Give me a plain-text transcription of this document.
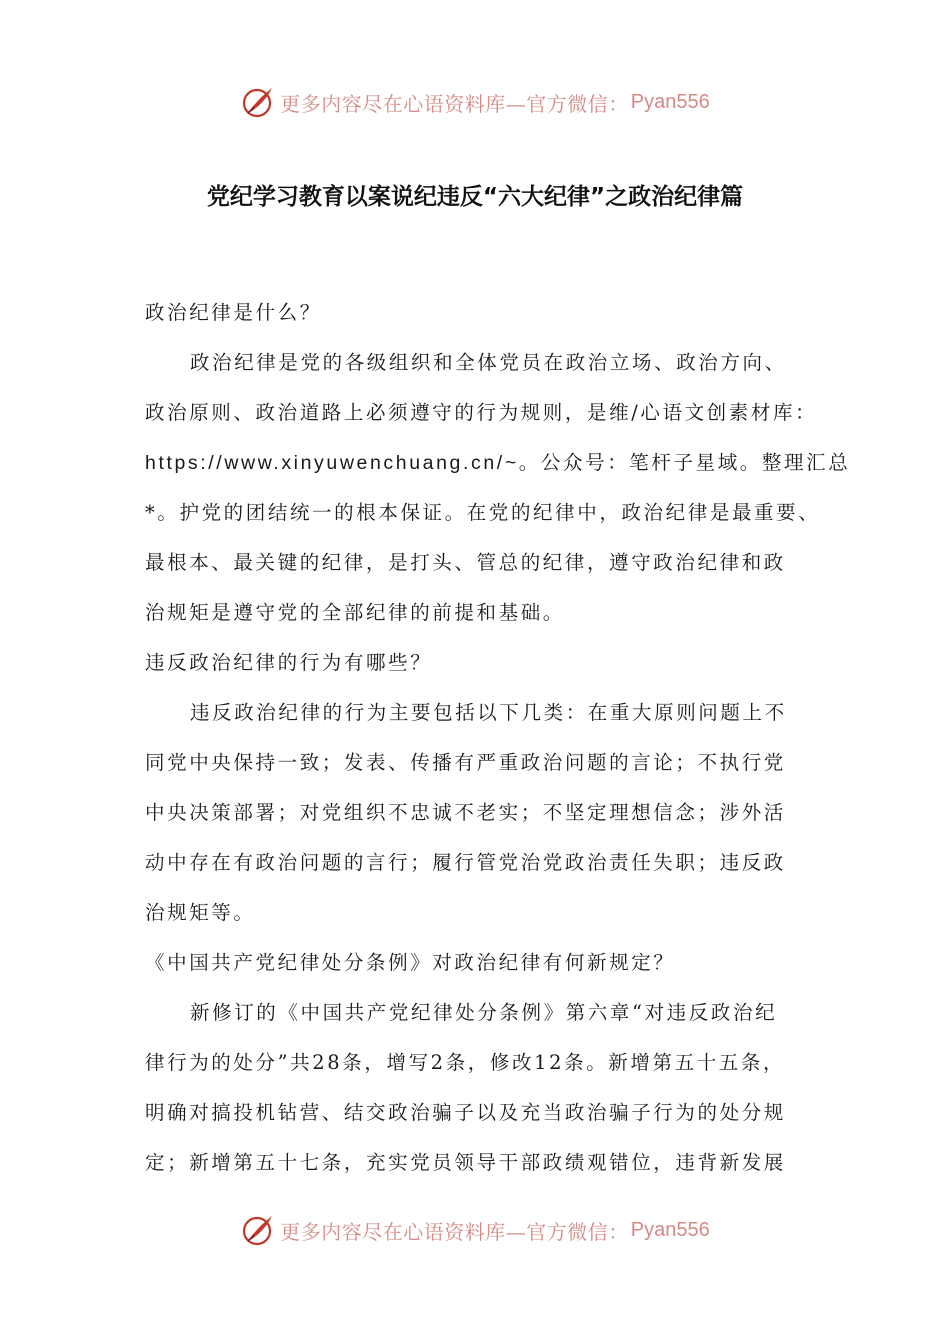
更多内容尽在心语资料库—官方微信： Pyan556
党纪学习教育以案说纪违反“六大纪律”之政治纪律篇

政治纪律是什么？

政治纪律是党的各级组织和全体党员在政治立场、政治方向、

政治原则、政治道路上必须遵守的行为规则，是维/心语文创素材库：

https://www.xinyuwenchuang.cn/~。公众号：笔杆子星域。整理汇总

*。护党的团结统一的根本保证。在党的纪律中，政治纪律是最重要、

最根本、最关键的纪律，是打头、管总的纪律，遵守政治纪律和政

治规矩是遵守党的全部纪律的前提和基础。

违反政治纪律的行为有哪些？

违反政治纪律的行为主要包括以下几类：在重大原则问题上不

同党中央保持一致；发表、传播有严重政治问题的言论；不执行党

中央决策部署；对党组织不忠诚不老实；不坚定理想信念；涉外活

动中存在有政治问题的言行；履行管党治党政治责任失职；违反政

治规矩等。

《中国共产党纪律处分条例》对政治纪律有何新规定？

新修订的《中国共产党纪律处分条例》第六章“对违反政治纪

律行为的处分”共28条，增写2条，修改12条。新增第五十五条，

明确对搞投机钻营、结交政治骗子以及充当政治骗子行为的处分规

定；新增第五十七条，充实党员领导干部政绩观错位，违背新发展

更多内容尽在心语资料库—官方微信： Pyan556
